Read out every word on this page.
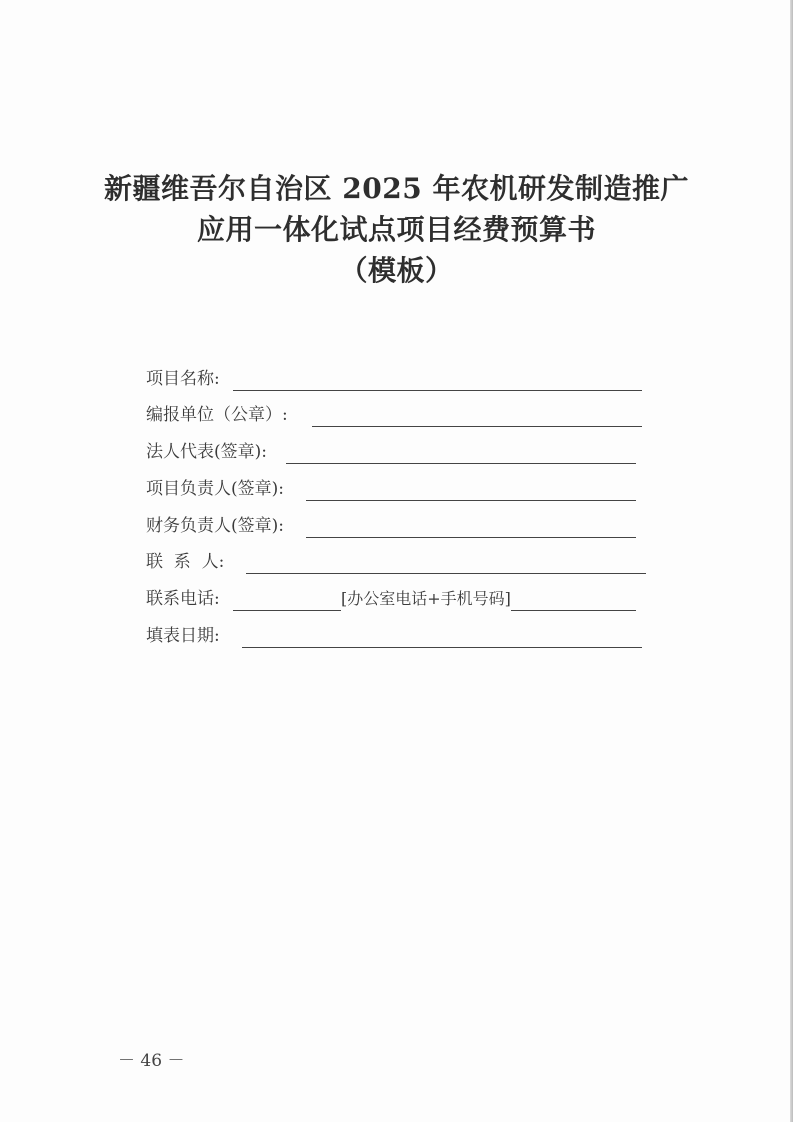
新疆维吾尔自治区 2025 年农机研发制造推广
应用一体化试点项目经费预算书
（模板）
项目名称:
编报单位（公章）:
法人代表(签章):
项目负责人(签章):
财务负责人(签章):
联  系  人:
联系电话:	[办公室电话+手机号码]
填表日期:
－ 46 －
